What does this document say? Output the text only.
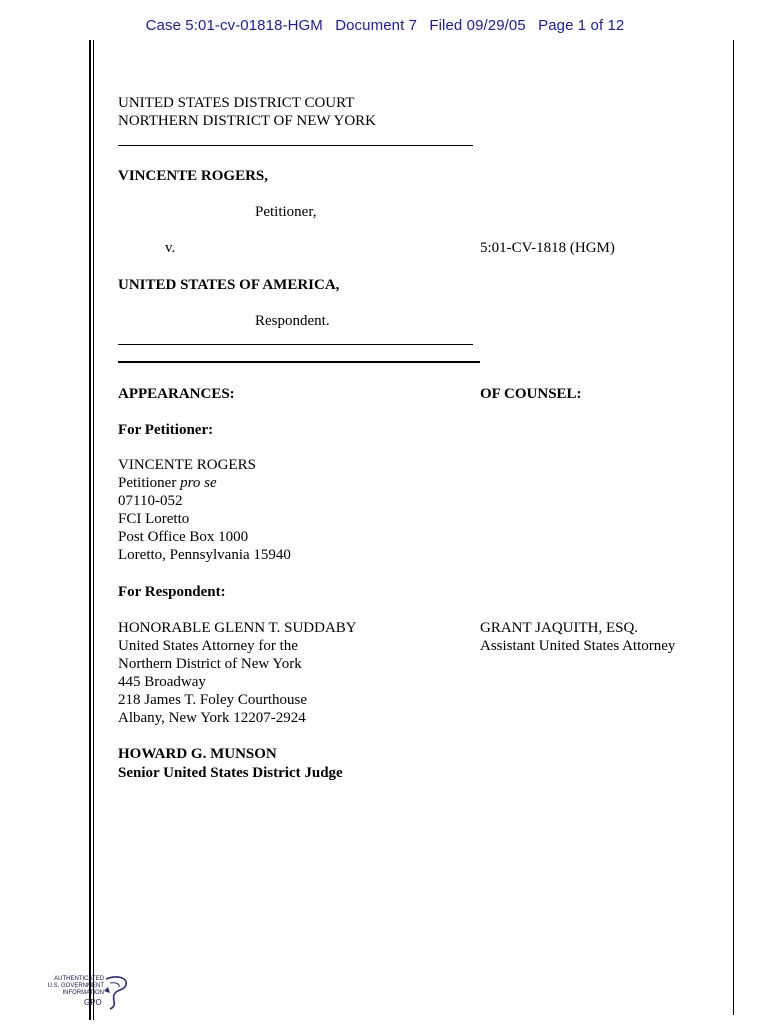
Case 5:01-cv-01818-HGM Document 7 Filed 09/29/05 Page 1 of 12
UNITED STATES DISTRICT COURT
NORTHERN DISTRICT OF NEW YORK
VINCENTE ROGERS,
Petitioner,
v.	5:01-CV-1818 (HGM)
UNITED STATES OF AMERICA,
Respondent.
APPEARANCES:	OF COUNSEL:
For Petitioner:
VINCENTE ROGERS
Petitioner pro se
07110-052
FCI Loretto
Post Office Box 1000
Loretto, Pennsylvania 15940
For Respondent:
HONORABLE GLENN T. SUDDABY
United States Attorney for the
Northern District of New York
445 Broadway
218 James T. Foley Courthouse
Albany, New York 12207-2924
GRANT JAQUITH, ESQ.
Assistant United States Attorney
HOWARD G. MUNSON
Senior United States District Judge
AUTHENTICATED
U.S. GOVERNMENT
INFORMATION
GPO
